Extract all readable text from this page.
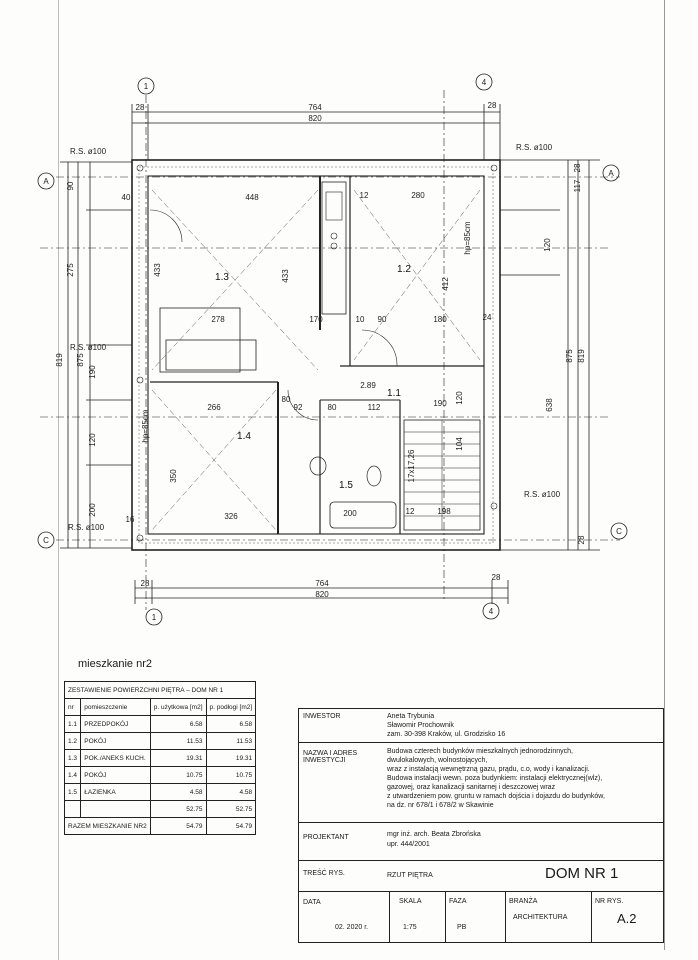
1	4
A
A
C
C
1
4
28	764	28
820
28	764
28
820
412
448	12	280
40
278	170	10 90	180
266
80
92	80	112	190
326	200	12	198
16
24
2.89
90
275
819 875
190
120
200
117
120
875 819
638
28
28
433
433
120
104
350
hp=85cm
hp=85cm
17x17,26
R.S. ø100	R.S. ø100
R.S. ø100
R.S. ø100
R.S. ø100
1.1
1.2
1.3
1.4
1.5
mieszkanie nr2
ZESTAWIENIE POWIERZCHNI PIĘTRA – DOM NR 1			
nr	pomieszczenie	p. użytkowa [m2]	p. podłogi [m2]
1.1	PRZEDPOKÓJ	6.58	6.58
1.2	POKÓJ	11.53	11.53
1.3	POK./ANEKS KUCH.	19.31	19.31
1.4	POKÓJ	10.75	10.75
1.5	ŁAZIENKA	4.58	4.58
		52.75	52.75
RAZEM MIESZKANIE NR2		54.79	54.79
INWESTOR	Aneta Trybunia
Sławomir Prochownik
zam. 30-398 Kraków, ul. Grodzisko 16
NAZWA I ADRES INWESTYCJI
Budowa czterech budynków mieszkalnych jednorodzinnych,
dwulokalowych, wolnostojących,
wraz z instalacją wewnętrzną gazu, prądu, c.o, wody i kanalizacji.
Budowa instalacji wewn. poza budynkiem: instalacji elektrycznej(wlz),
gazowej, oraz kanalizacji sanitarnej i deszczowej wraz
z utwardzeniem pow. gruntu w ramach dojścia i dojazdu do budynków,
na dz. nr 678/1 i 678/2 w Skawinie
PROJEKTANT	mgr inż. arch. Beata Zbrońska
upr. 444/2001
TREŚĆ RYS.	RZUT PIĘTRA	DOM NR 1
DATA
02. 2020 r.
SKALA
1:75
FAZA
PB
BRANŻA
ARCHITEKTURA
NR RYS.
A.2
